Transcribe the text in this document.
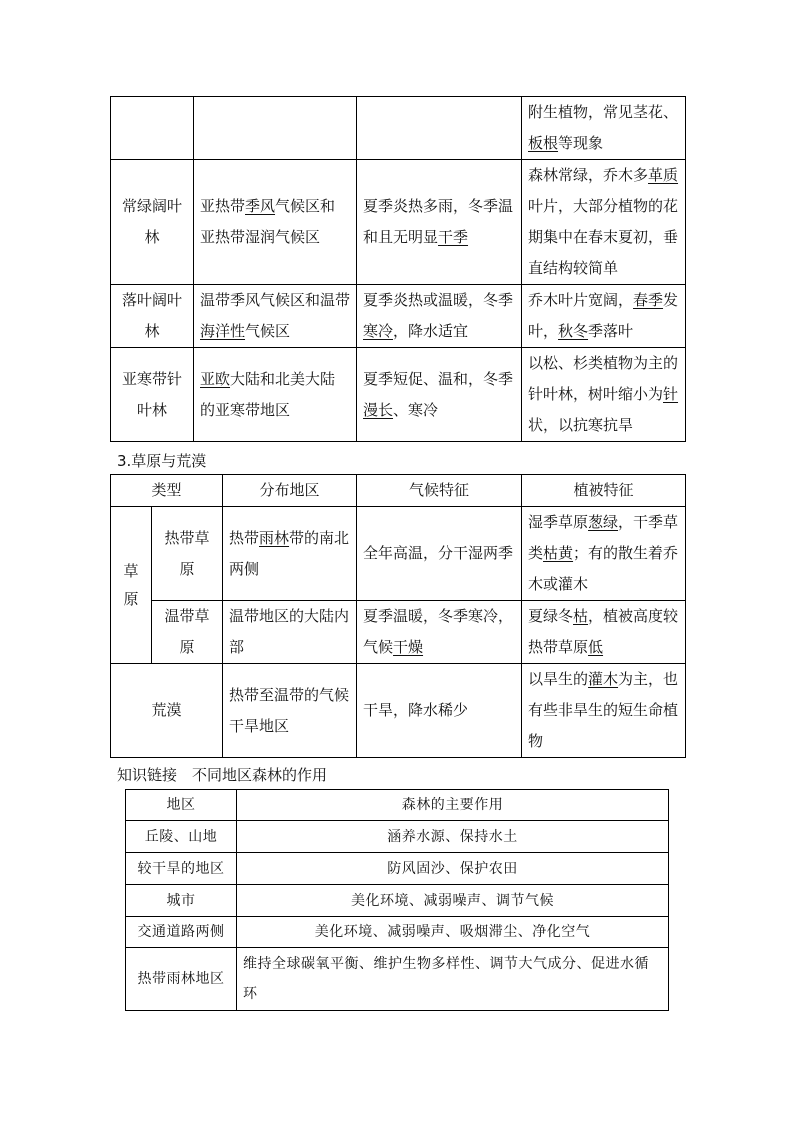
			附生植物，常见茎花、板根等现象
常绿阔叶林	亚热带季风气候区和亚热带湿润气候区	夏季炎热多雨，冬季温和且无明显干季	森林常绿，乔木多革质叶片，大部分植物的花期集中在春末夏初，垂直结构较简单
落叶阔叶林	温带季风气候区和温带海洋性气候区	夏季炎热或温暖，冬季寒冷，降水适宜	乔木叶片宽阔，春季发叶，秋冬季落叶
亚寒带针叶林	亚欧大陆和北美大陆的亚寒带地区	夏季短促、温和，冬季漫长、寒冷	以松、杉类植物为主的针叶林，树叶缩小为针状，以抗寒抗旱
3.草原与荒漠
类型		分布地区	气候特征	植被特征
草原	热带草原	热带雨林带的南北两侧	全年高温，分干湿两季	湿季草原葱绿，干季草类枯黄；有的散生着乔木或灌木
	温带草原	温带地区的大陆内部	夏季温暖，冬季寒冷，气候干燥	夏绿冬枯，植被高度较热带草原低
荒漠		热带至温带的气候干旱地区	干旱，降水稀少	以旱生的灌木为主，也有些非旱生的短生命植物
知识链接　不同地区森林的作用
地区	森林的主要作用
丘陵、山地	涵养水源、保持水土
较干旱的地区	防风固沙、保护农田
城市	美化环境、减弱噪声、调节气候
交通道路两侧	美化环境、减弱噪声、吸烟滞尘、净化空气
热带雨林地区	维持全球碳氧平衡、维护生物多样性、调节大气成分、促进水循环
